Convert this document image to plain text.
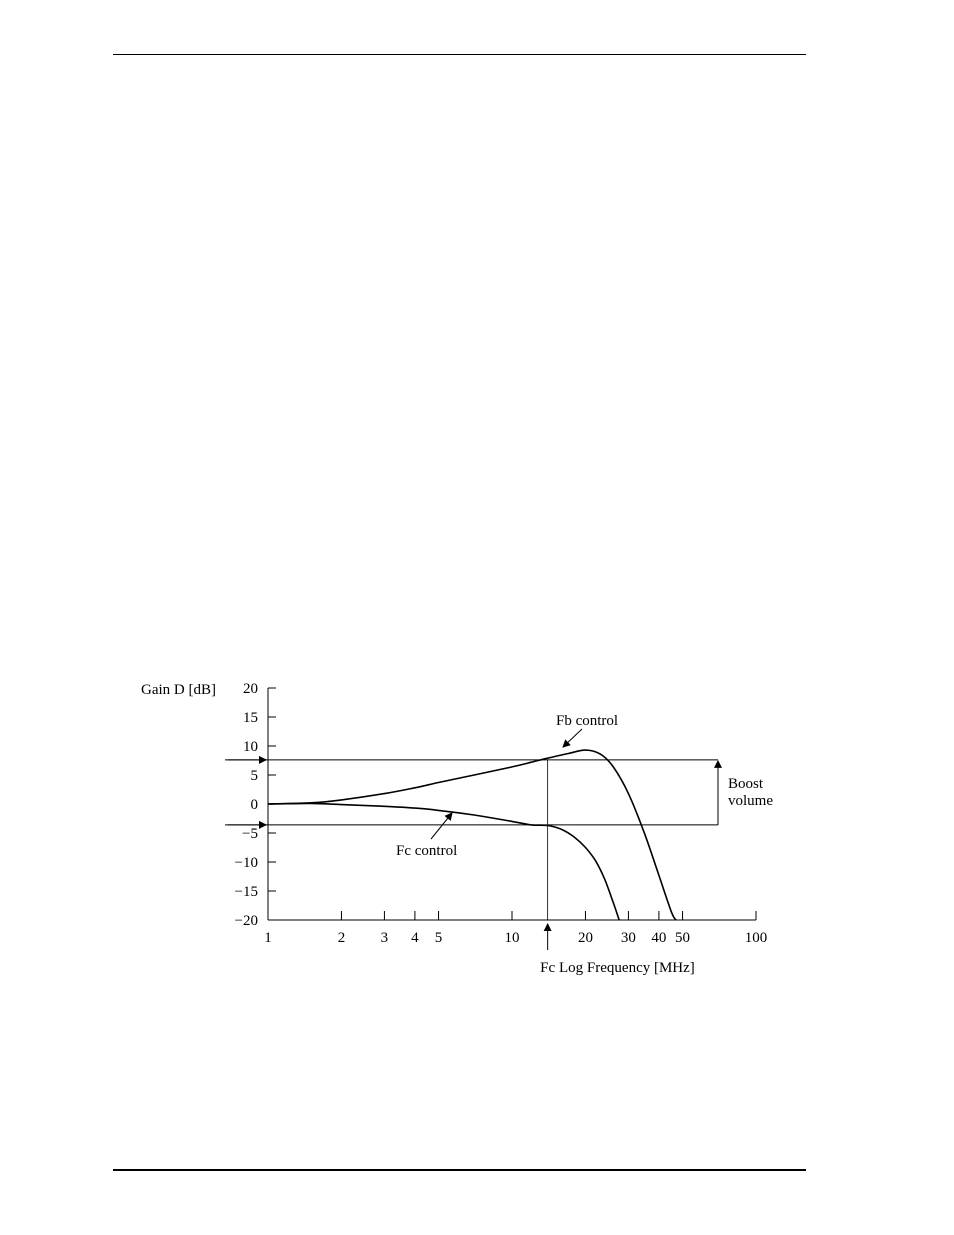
20
15
10
5
0
−5
−10
−15
−20
1	2 3 4 5	10	20 30 40 50	100
Gain D [dB]
Log Frequency [MHz]
Fc
Fb control
Fc control
Boost
volume
